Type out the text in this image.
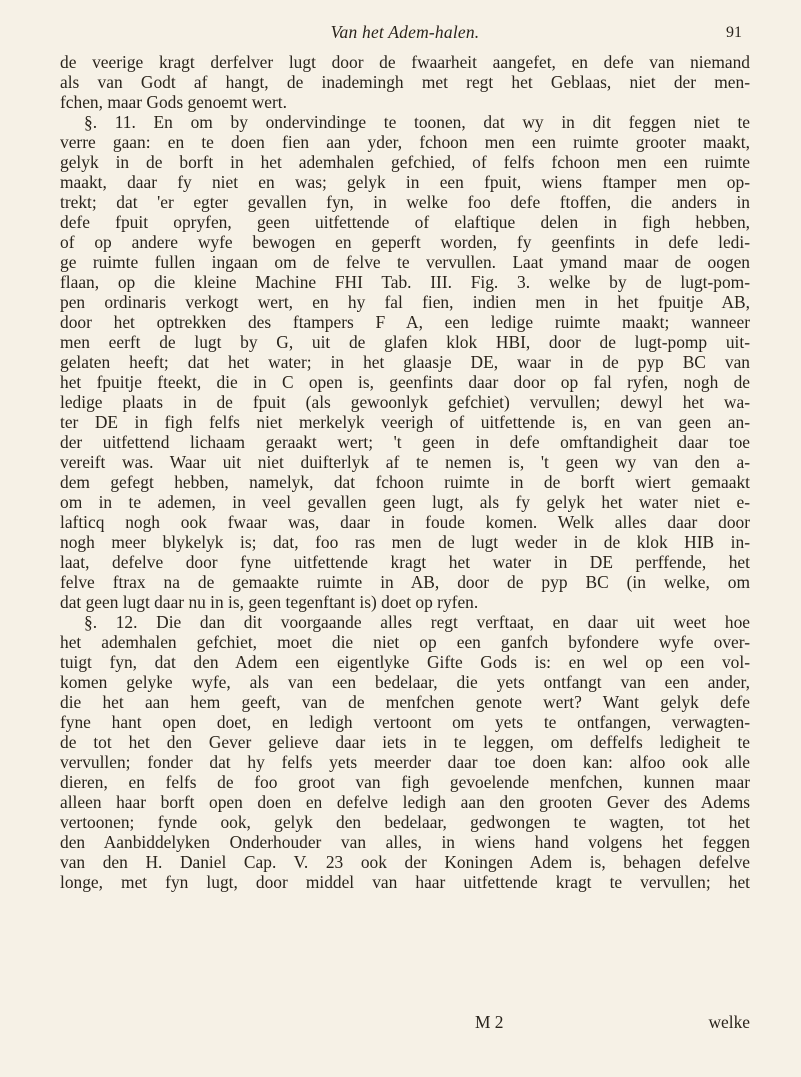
Van het Adem-halen.	91
de veerige kragt derfelver lugt door de fwaarheit aangefet, en defe van niemand
als van Godt af hangt, de inademingh met regt het Geblaas, niet der men-
fchen, maar Gods genoemt wert.
§. 11. En om by ondervindinge te toonen, dat wy in dit feggen niet te
verre gaan: en te doen fien aan yder, fchoon men een ruimte grooter maakt,
gelyk in de borft in het ademhalen gefchied, of felfs fchoon men een ruimte
maakt, daar fy niet en was; gelyk in een fpuit, wiens ftamper men op-
trekt; dat 'er egter gevallen fyn, in welke foo defe ftoffen, die anders in
defe fpuit opryfen, geen uitfettende of elaftique delen in figh hebben,
of op andere wyfe bewogen en geperft worden, fy geenfints in defe ledi-
ge ruimte fullen ingaan om de felve te vervullen. Laat ymand maar de oogen
flaan, op die kleine Machine FHI Tab. III. Fig. 3. welke by de lugt-pom-
pen ordinaris verkogt wert, en hy fal fien, indien men in het fpuitje AB,
door het optrekken des ftampers F A, een ledige ruimte maakt; wanneer
men eerft de lugt by G, uit de glafen klok HBI, door de lugt-pomp uit-
gelaten heeft; dat het water; in het glaasje DE, waar in de pyp BC van
het fpuitje fteekt, die in C open is, geenfints daar door op fal ryfen, nogh de
ledige plaats in de fpuit (als gewoonlyk gefchiet) vervullen; dewyl het wa-
ter DE in figh felfs niet merkelyk veerigh of uitfettende is, en van geen an-
der uitfettend lichaam geraakt wert; 't geen in defe omftandigheit daar toe
vereift was. Waar uit niet duifterlyk af te nemen is, 't geen wy van den a-
dem gefegt hebben, namelyk, dat fchoon ruimte in de borft wiert gemaakt
om in te ademen, in veel gevallen geen lugt, als fy gelyk het water niet e-
lafticq nogh ook fwaar was, daar in foude komen. Welk alles daar door
nogh meer blykelyk is; dat, foo ras men de lugt weder in de klok HIB in-
laat, defelve door fyne uitfettende kragt het water in DE perffende, het
felve ftrax na de gemaakte ruimte in AB, door de pyp BC (in welke, om
dat geen lugt daar nu in is, geen tegenftant is) doet op ryfen.
§. 12. Die dan dit voorgaande alles regt verftaat, en daar uit weet hoe
het ademhalen gefchiet, moet die niet op een ganfch byfondere wyfe over-
tuigt fyn, dat den Adem een eigentlyke Gifte Gods is: en wel op een vol-
komen gelyke wyfe, als van een bedelaar, die yets ontfangt van een ander,
die het aan hem geeft, van de menfchen genote wert? Want gelyk defe
fyne hant open doet, en ledigh vertoont om yets te ontfangen, verwagten-
de tot het den Gever gelieve daar iets in te leggen, om deffelfs ledigheit te
vervullen; fonder dat hy felfs yets meerder daar toe doen kan: alfoo ook alle
dieren, en felfs de foo groot van figh gevoelende menfchen, kunnen maar
alleen haar borft open doen en defelve ledigh aan den grooten Gever des Adems
vertoonen; fynde ook, gelyk den bedelaar, gedwongen te wagten, tot het
den Aanbiddelyken Onderhouder van alles, in wiens hand volgens het feggen
van den H. Daniel Cap. V. 23 ook der Koningen Adem is, behagen defelve
longe, met fyn lugt, door middel van haar uitfettende kragt te vervullen; het
M 2	welke
